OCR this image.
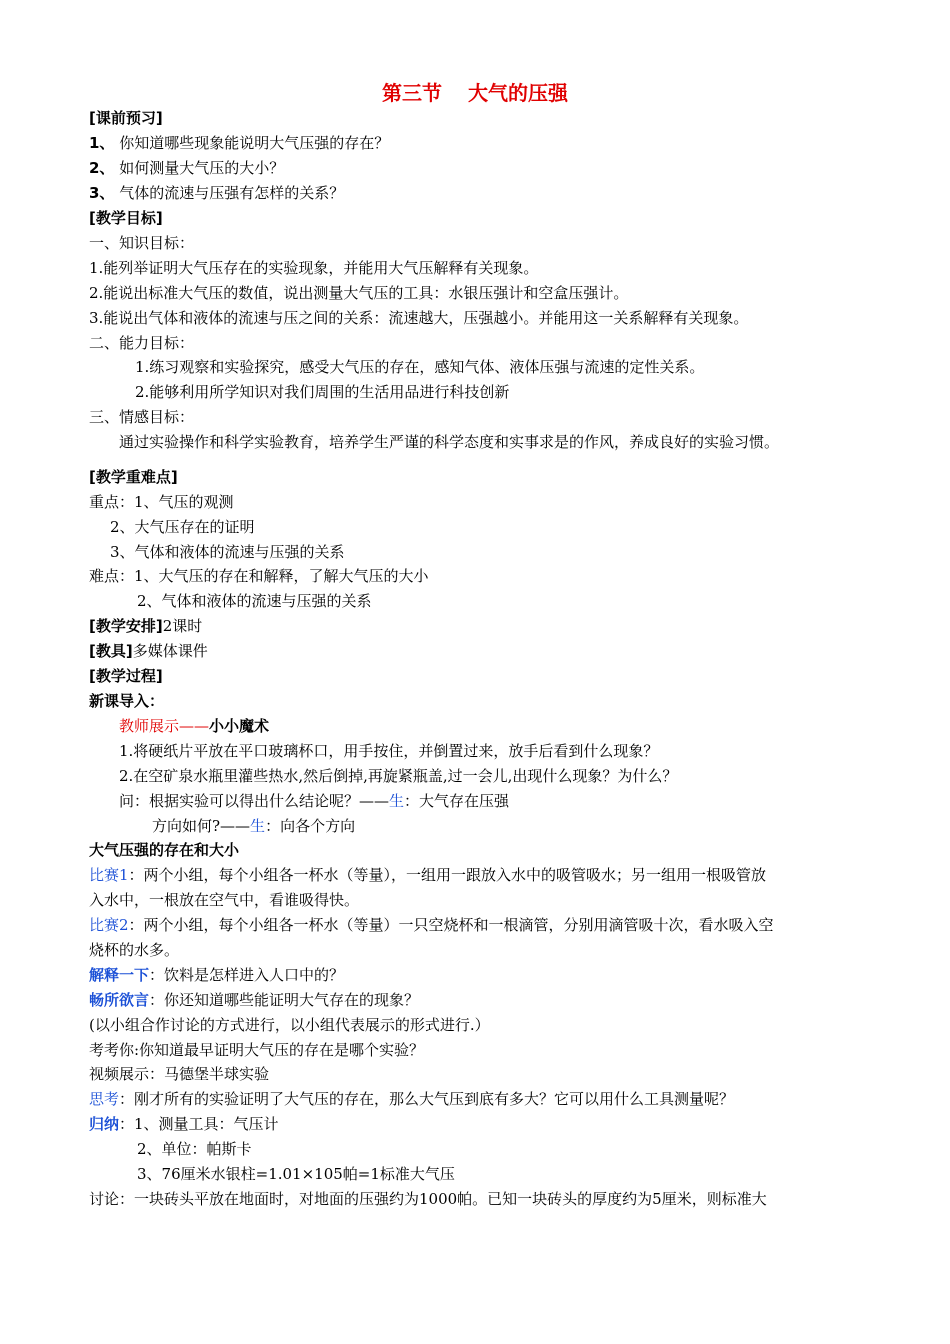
第三节 大气的压强
[课前预习]
1、 你知道哪些现象能说明大气压强的存在？
2、 如何测量大气压的大小？
3、 气体的流速与压强有怎样的关系？
[教学目标]
一、知识目标：
1.能列举证明大气压存在的实验现象，并能用大气压解释有关现象。
2.能说出标准大气压的数值，说出测量大气压的工具：水银压强计和空盒压强计。
3.能说出气体和液体的流速与压之间的关系：流速越大，压强越小。并能用这一关系解释有关现象。
二、能力目标：
1.练习观察和实验探究，感受大气压的存在，感知气体、液体压强与流速的定性关系。
2.能够利用所学知识对我们周围的生活用品进行科技创新
三、情感目标：
通过实验操作和科学实验教育，培养学生严谨的科学态度和实事求是的作风，养成良好的实验习惯。
[教学重难点]
重点：1、气压的观测
2、大气压存在的证明
3、气体和液体的流速与压强的关系
难点：1、大气压的存在和解释，了解大气压的大小
2、气体和液体的流速与压强的关系
[教学安排]2课时
[教具]多媒体课件
[教学过程]
新课导入：
教师展示——小小魔术
1.将硬纸片平放在平口玻璃杯口，用手按住，并倒置过来，放手后看到什么现象？
2.在空矿泉水瓶里灌些热水,然后倒掉,再旋紧瓶盖,过一会儿,出现什么现象？为什么？
问：根据实验可以得出什么结论呢？——生：大气存在压强
方向如何?——生：向各个方向
大气压强的存在和大小
比赛1：两个小组，每个小组各一杯水（等量），一组用一跟放入水中的吸管吸水；另一组用一根吸管放
入水中，一根放在空气中，看谁吸得快。
比赛2：两个小组，每个小组各一杯水（等量）一只空烧杯和一根滴管，分别用滴管吸十次，看水吸入空
烧杯的水多。
解释一下：饮料是怎样进入人口中的？
畅所欲言：你还知道哪些能证明大气存在的现象？
(以小组合作讨论的方式进行，以小组代表展示的形式进行.）
考考你:你知道最早证明大气压的存在是哪个实验？
视频展示：马德堡半球实验
思考：刚才所有的实验证明了大气压的存在，那么大气压到底有多大？它可以用什么工具测量呢？
归纳：1、测量工具：气压计
2、单位：帕斯卡
3、76厘米水银柱=1.01×105帕=1标准大气压
讨论：一块砖头平放在地面时，对地面的压强约为1000帕。已知一块砖头的厚度约为5厘米，则标准大
